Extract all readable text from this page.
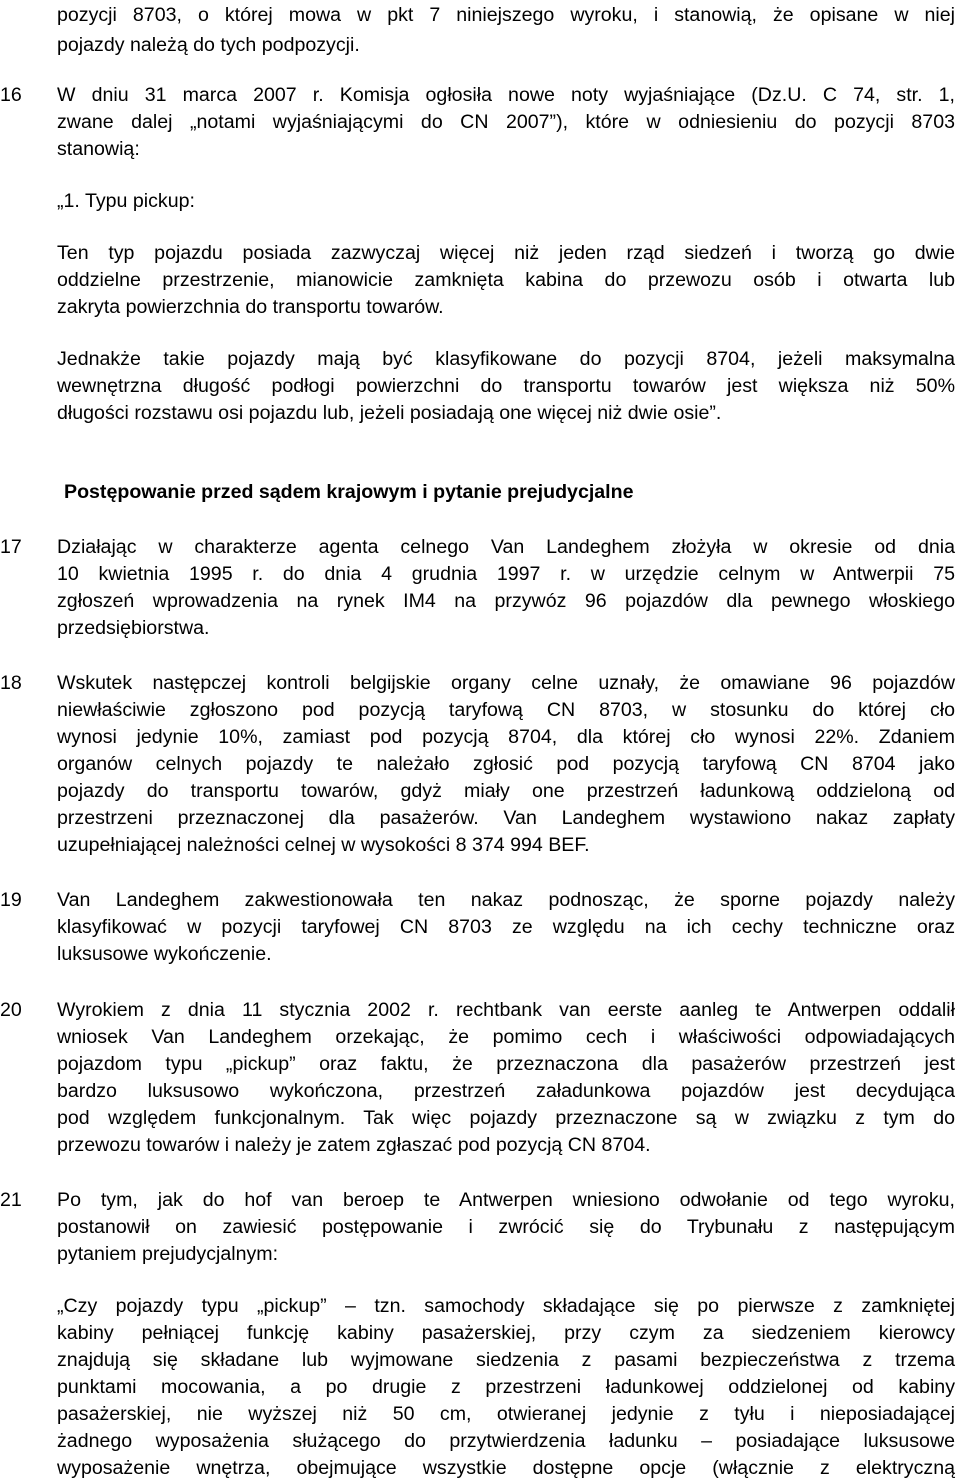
pozycji 8703, o której mowa w pkt 7 niniejszego wyroku, i stanowią, że opisane w niej
pojazdy należą do tych podpozycji.
16 W dniu 31 marca 2007 r. Komisja ogłosiła nowe noty wyjaśniające (Dz.U. C 74, str. 1,
zwane dalej „notami wyjaśniającymi do CN 2007”), które w odniesieniu do pozycji 8703
stanowią:
„1. Typu pickup:
Ten typ pojazdu posiada zazwyczaj więcej niż jeden rząd siedzeń i tworzą go dwie
oddzielne przestrzenie, mianowicie zamknięta kabina do przewozu osób i otwarta lub
zakryta powierzchnia do transportu towarów.
Jednakże takie pojazdy mają być klasyfikowane do pozycji 8704, jeżeli maksymalna
wewnętrzna długość podłogi powierzchni do transportu towarów jest większa niż 50%
długości rozstawu osi pojazdu lub, jeżeli posiadają one więcej niż dwie osie”.
Postępowanie przed sądem krajowym i pytanie prejudycjalne
17 Działając w charakterze agenta celnego Van Landeghem złożyła w okresie od dnia
10 kwietnia 1995 r. do dnia 4 grudnia 1997 r. w urzędzie celnym w Antwerpii 75
zgłoszeń wprowadzenia na rynek IM4 na przywóz 96 pojazdów dla pewnego włoskiego
przedsiębiorstwa.
18 Wskutek następczej kontroli belgijskie organy celne uznały, że omawiane 96 pojazdów
niewłaściwie zgłoszono pod pozycją taryfową CN 8703, w stosunku do której cło
wynosi jedynie 10%, zamiast pod pozycją 8704, dla której cło wynosi 22%. Zdaniem
organów celnych pojazdy te należało zgłosić pod pozycją taryfową CN 8704 jako
pojazdy do transportu towarów, gdyż miały one przestrzeń ładunkową oddzieloną od
przestrzeni przeznaczonej dla pasażerów. Van Landeghem wystawiono nakaz zapłaty
uzupełniającej należności celnej w wysokości 8 374 994 BEF.
19 Van Landeghem zakwestionowała ten nakaz podnosząc, że sporne pojazdy należy
klasyfikować w pozycji taryfowej CN 8703 ze względu na ich cechy techniczne oraz
luksusowe wykończenie.
20 Wyrokiem z dnia 11 stycznia 2002 r. rechtbank van eerste aanleg te Antwerpen oddalił
wniosek Van Landeghem orzekając, że pomimo cech i właściwości odpowiadających
pojazdom typu „pickup” oraz faktu, że przeznaczona dla pasażerów przestrzeń jest
bardzo luksusowo wykończona, przestrzeń załadunkowa pojazdów jest decydująca
pod względem funkcjonalnym. Tak więc pojazdy przeznaczone są w związku z tym do
przewozu towarów i należy je zatem zgłaszać pod pozycją CN 8704.
21 Po tym, jak do hof van beroep te Antwerpen wniesiono odwołanie od tego wyroku,
postanowił on zawiesić postępowanie i zwrócić się do Trybunału z następującym
pytaniem prejudycjalnym:
„Czy pojazdy typu „pickup” – tzn. samochody składające się po pierwsze z zamkniętej
kabiny pełniącej funkcję kabiny pasażerskiej, przy czym za siedzeniem kierowcy
znajdują się składane lub wyjmowane siedzenia z pasami bezpieczeństwa z trzema
punktami mocowania, a po drugie z przestrzeni ładunkowej oddzielonej od kabiny
pasażerskiej, nie wyższej niż 50 cm, otwieranej jedynie z tyłu i nieposiadającej
żadnego wyposażenia służącego do przytwierdzenia ładunku – posiadające luksusowe
wyposażenie wnętrza, obejmujące wszystkie dostępne opcje (włącznie z elektryczną
